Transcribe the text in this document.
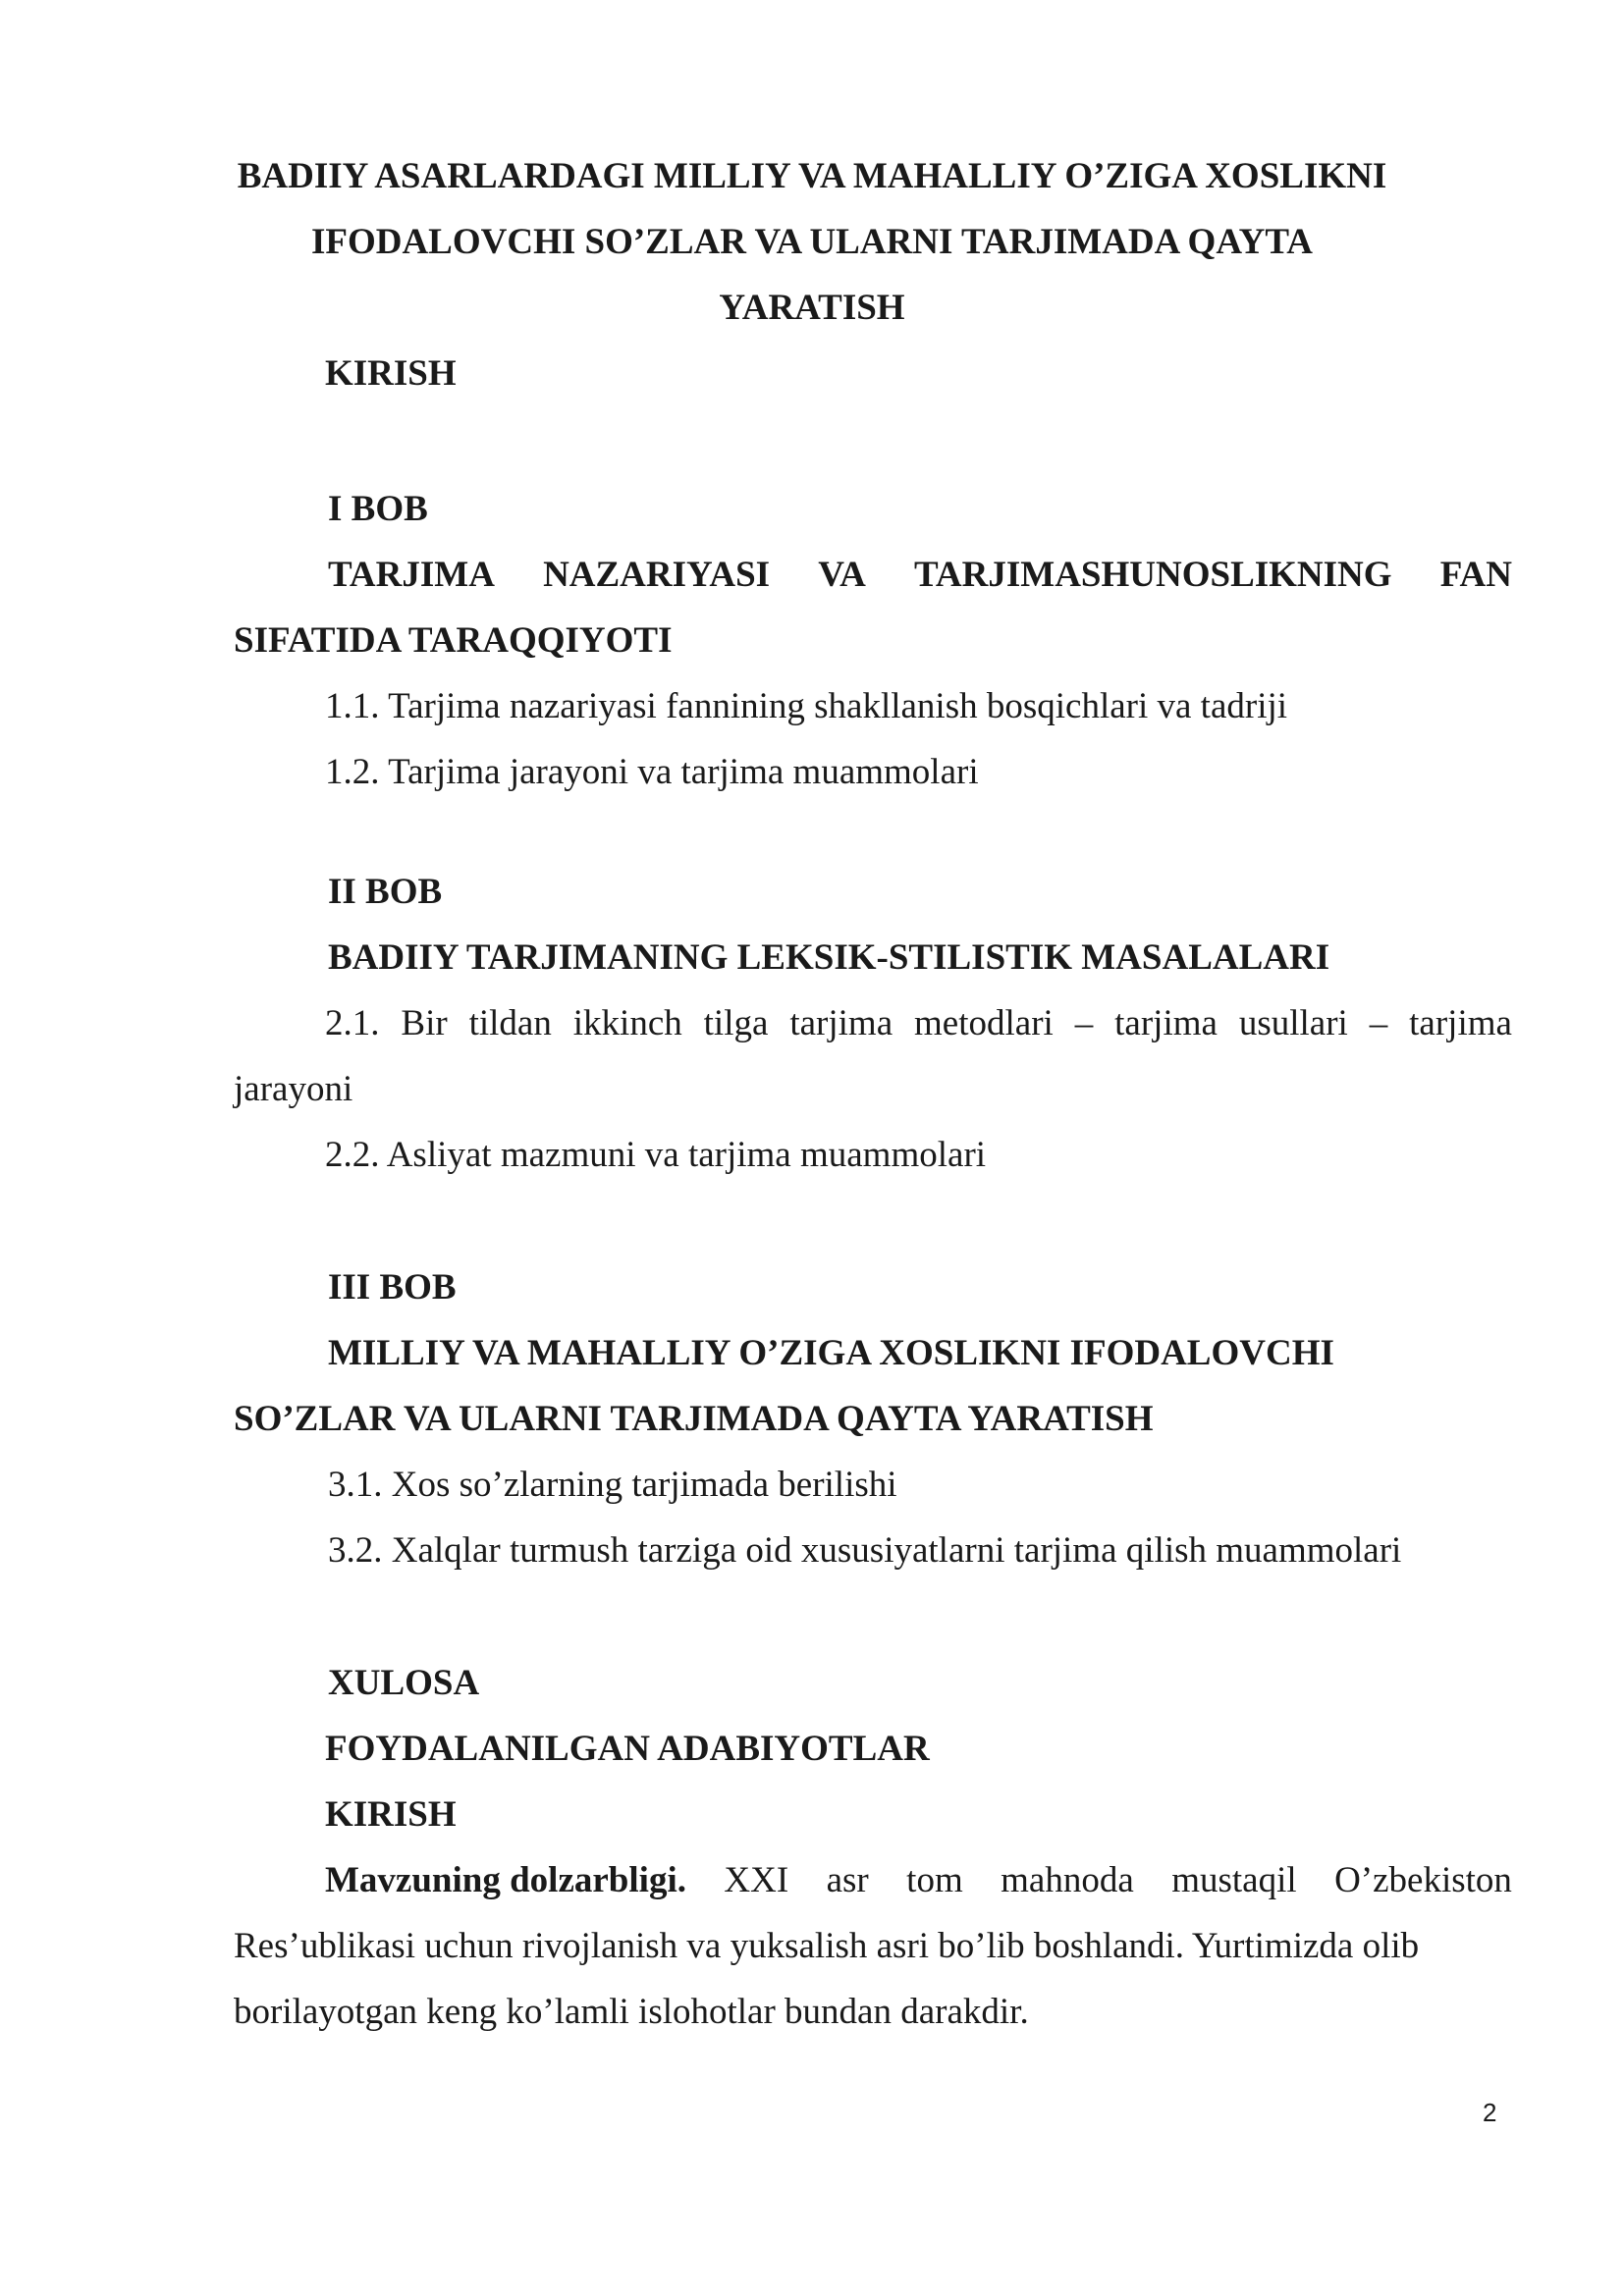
BADIIY ASARLARDAGI MILLIY VA MAHALLIY O’ZIGA XOSLIKNI
IFODALOVCHI SO’ZLAR VA ULARNI TARJIMADA QAYTA
YARATISH
KIRISH
I BOB
TARJIMA NAZARIYASI VA TARJIMASHUNOSLIKNING FAN
SIFATIDA TARAQQIYOTI
1.1. Tarjima nazariyasi fannining shakllanish bosqichlari va tadriji
1.2. Tarjima jarayoni va tarjima muammolari
II BOB
BADIIY TARJIMANING LEKSIK-STILISTIK MASALALARI
2.1. Bir tildan ikkinch tilga tarjima metodlari – tarjima usullari – tarjima
jarayoni
2.2. Asliyat mazmuni va tarjima muammolari
III BOB
MILLIY VA MAHALLIY O’ZIGA XOSLIKNI IFODALOVCHI
SO’ZLAR VA ULARNI TARJIMADA QAYTA YARATISH
3.1. Xos so’zlarning tarjimada berilishi
3.2. Xalqlar turmush tarziga oid xususiyatlarni tarjima qilish muammolari
XULOSA
FOYDALANILGAN ADABIYOTLAR
KIRISH
Mavzuning dolzarbligi. XXI asr tom mahnoda mustaqil O’zbekiston
Res’ublikasi uchun rivojlanish va yuksalish asri bo’lib boshlandi. Yurtimizda olib
borilayotgan keng ko’lamli islohotlar bundan darakdir.
2
